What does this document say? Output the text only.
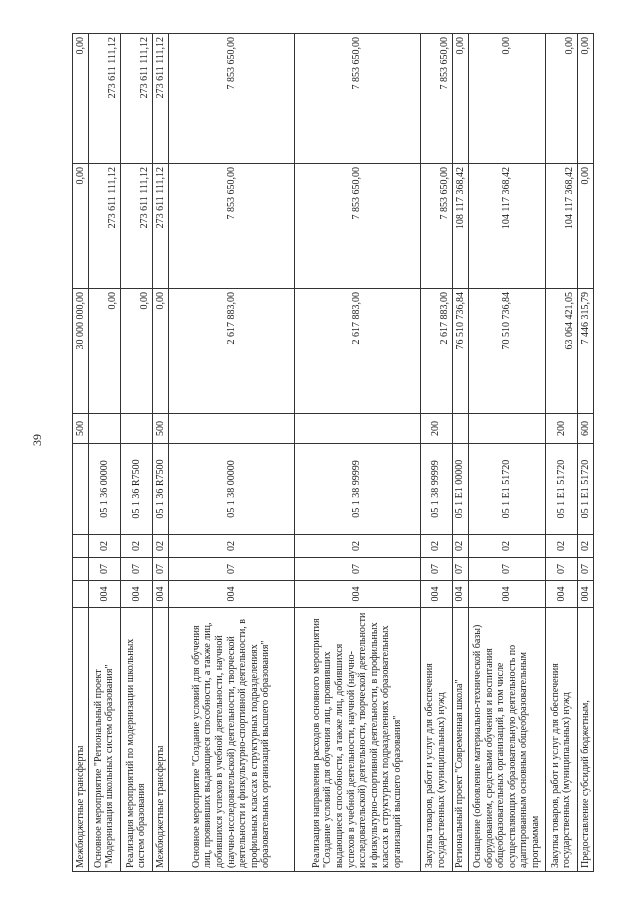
39
Межбюджетные трансферты					500	30 000 000,00	0,00	0,00
Основное мероприятие "Региональный проект "Модернизация школьных систем образования"	004	07	02	05 1 36 00000		0,00	273 611 111,12	273 611 111,12
Реализация мероприятий по модернизации школьных систем образования	004	07	02	05 1 36 R7500		0,00	273 611 111,12	273 611 111,12
Межбюджетные трансферты	004	07	02	05 1 36 R7500	500	0,00	273 611 111,12	273 611 111,12
Основное мероприятие "Создание условий для обучения лиц, проявивших выдающиеся способности, а также лиц, добившихся успехов в учебной деятельности, научной (научно-исследовательской) деятельности, творческой деятельности и физкультурно-спортивной деятельности, в профильных классах в структурных подразделениях образовательных организаций высшего образования"	004	07	02	05 1 38 00000		2 617 883,00	7 853 650,00	7 853 650,00
Реализация направления расходов основного мероприятия "Создание условий для обучения лиц, проявивших выдающиеся способности, а также лиц, добившихся успехов в учебной деятельности, научной (научно-исследовательской) деятельности, творческой деятельности и физкультурно-спортивной деятельности, в профильных классах в структурных подразделениях образовательных организаций высшего образования"	004	07	02	05 1 38 99999		2 617 883,00	7 853 650,00	7 853 650,00
Закупка товаров, работ и услуг для обеспечения государственных (муниципальных) нужд	004	07	02	05 1 38 99999	200	2 617 883,00	7 853 650,00	7 853 650,00
Региональный проект "Современная школа"	004	07	02	05 1 E1 00000		76 510 736,84	108 117 368,42	0,00
Оснащение (обновление материально-технической базы) оборудованием, средствами обучения и воспитания общеобразовательных организаций, в том числе осуществляющих образовательную деятельность по адаптированным основным общеобразовательным программам	004	07	02	05 1 E1 51720		70 510 736,84	104 117 368,42	0,00
Закупка товаров, работ и услуг для обеспечения государственных (муниципальных) нужд	004	07	02	05 1 E1 51720	200	63 064 421,05	104 117 368,42	0,00
Предоставление субсидий бюджетным,	004	07	02	05 1 E1 51720	600	7 446 315,79	0,00	0,00
